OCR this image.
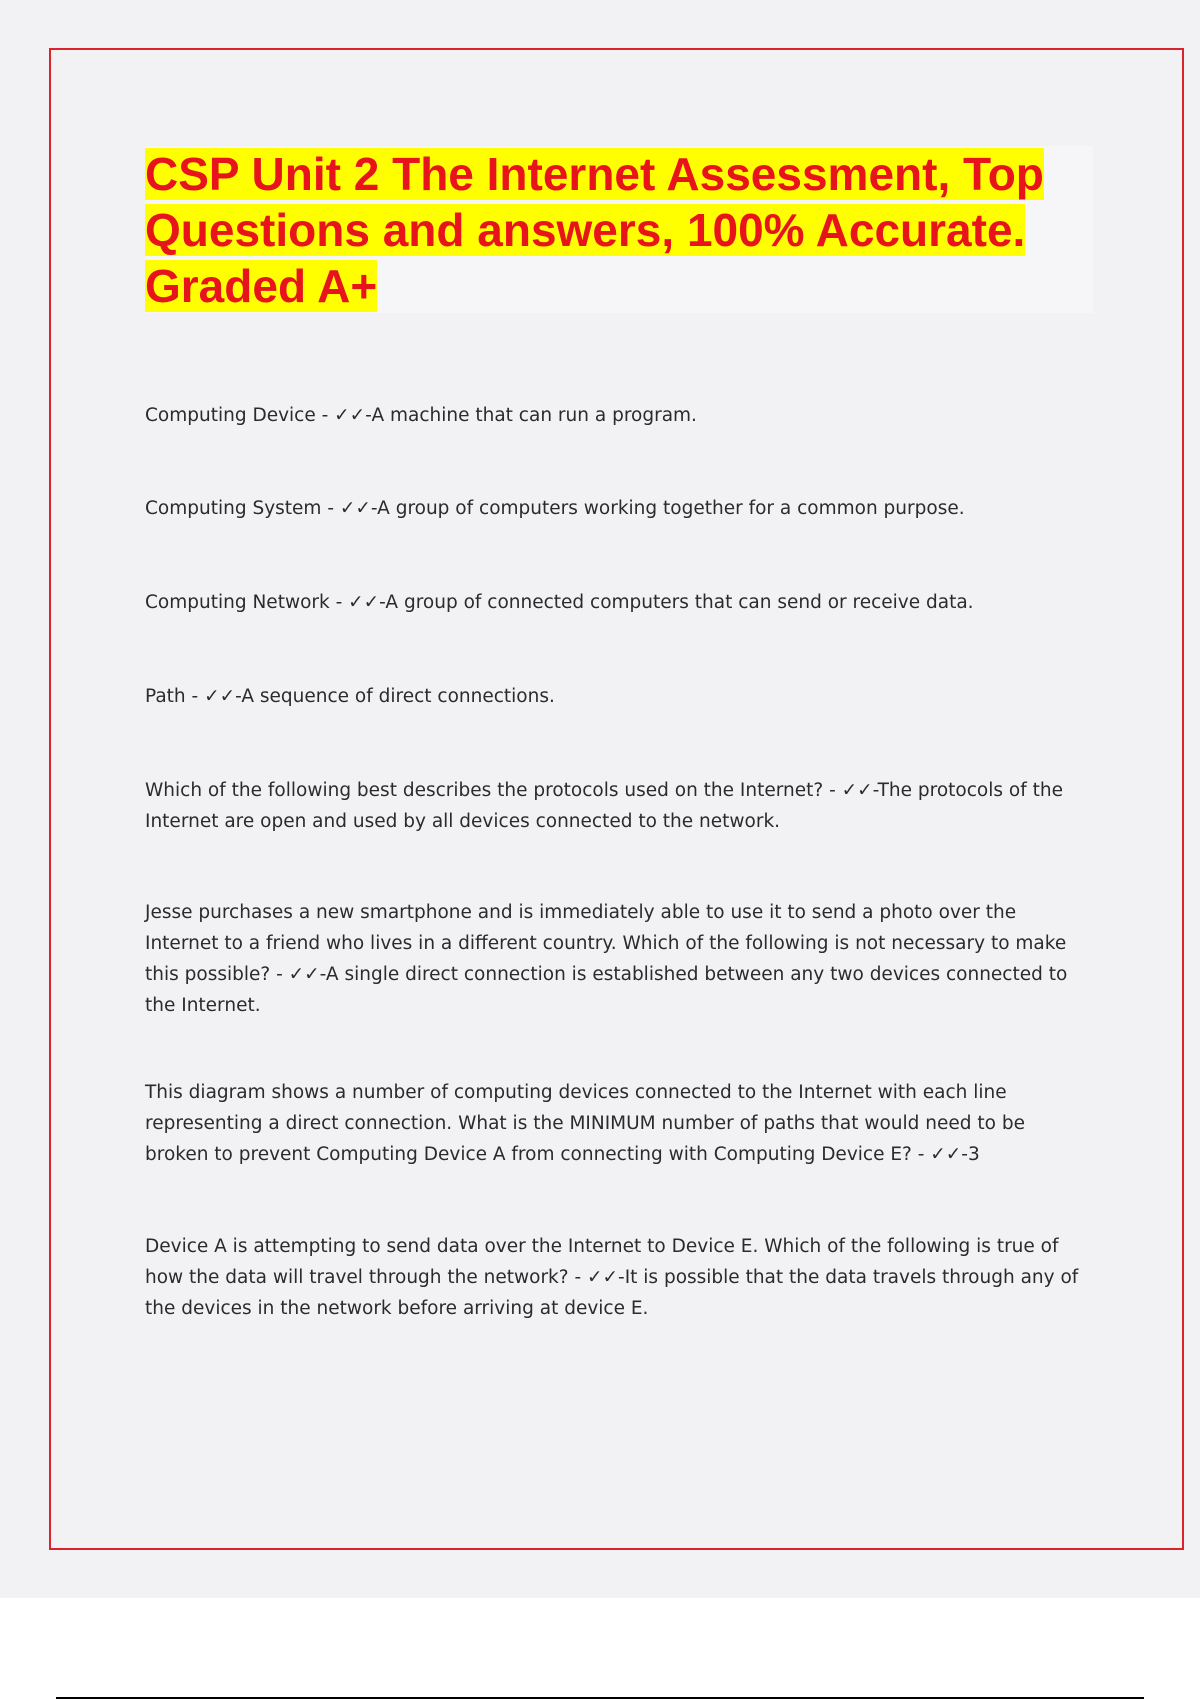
CSP Unit 2 The Internet Assessment, Top Questions and answers, 100% Accurate. Graded A+
Computing Device - ✓✓-A machine that can run a program.
Computing System - ✓✓-A group of computers working together for a common purpose.
Computing Network - ✓✓-A group of connected computers that can send or receive data.
Path - ✓✓-A sequence of direct connections.
Which of the following best describes the protocols used on the Internet? - ✓✓-The protocols of the Internet are open and used by all devices connected to the network.
Jesse purchases a new smartphone and is immediately able to use it to send a photo over the Internet to a friend who lives in a different country. Which of the following is not necessary to make this possible? - ✓✓-A single direct connection is established between any two devices connected to the Internet.
This diagram shows a number of computing devices connected to the Internet with each line representing a direct connection. What is the MINIMUM number of paths that would need to be broken to prevent Computing Device A from connecting with Computing Device E? - ✓✓-3
Device A is attempting to send data over the Internet to Device E. Which of the following is true of how the data will travel through the network? - ✓✓-It is possible that the data travels through any of the devices in the network before arriving at device E.
